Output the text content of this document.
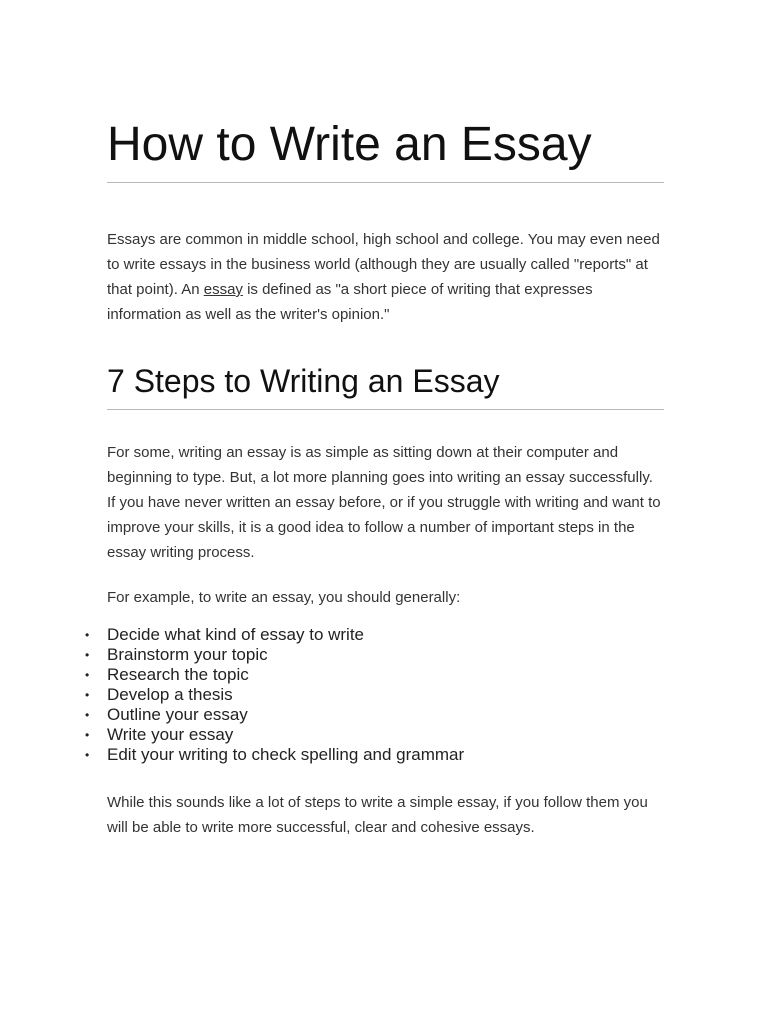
How to Write an Essay

Essays are common in middle school, high school and college. You may even need to write essays in the business world (although they are usually called "reports" at that point). An essay is defined as "a short piece of writing that expresses information as well as the writer's opinion."

7 Steps to Writing an Essay

For some, writing an essay is as simple as sitting down at their computer and beginning to type. But, a lot more planning goes into writing an essay successfully. If you have never written an essay before, or if you struggle with writing and want to improve your skills, it is a good idea to follow a number of important steps in the essay writing process.

For example, to write an essay, you should generally:

• Decide what kind of essay to write
• Brainstorm your topic
• Research the topic
• Develop a thesis
• Outline your essay
• Write your essay
• Edit your writing to check spelling and grammar

While this sounds like a lot of steps to write a simple essay, if you follow them you will be able to write more successful, clear and cohesive essays.
